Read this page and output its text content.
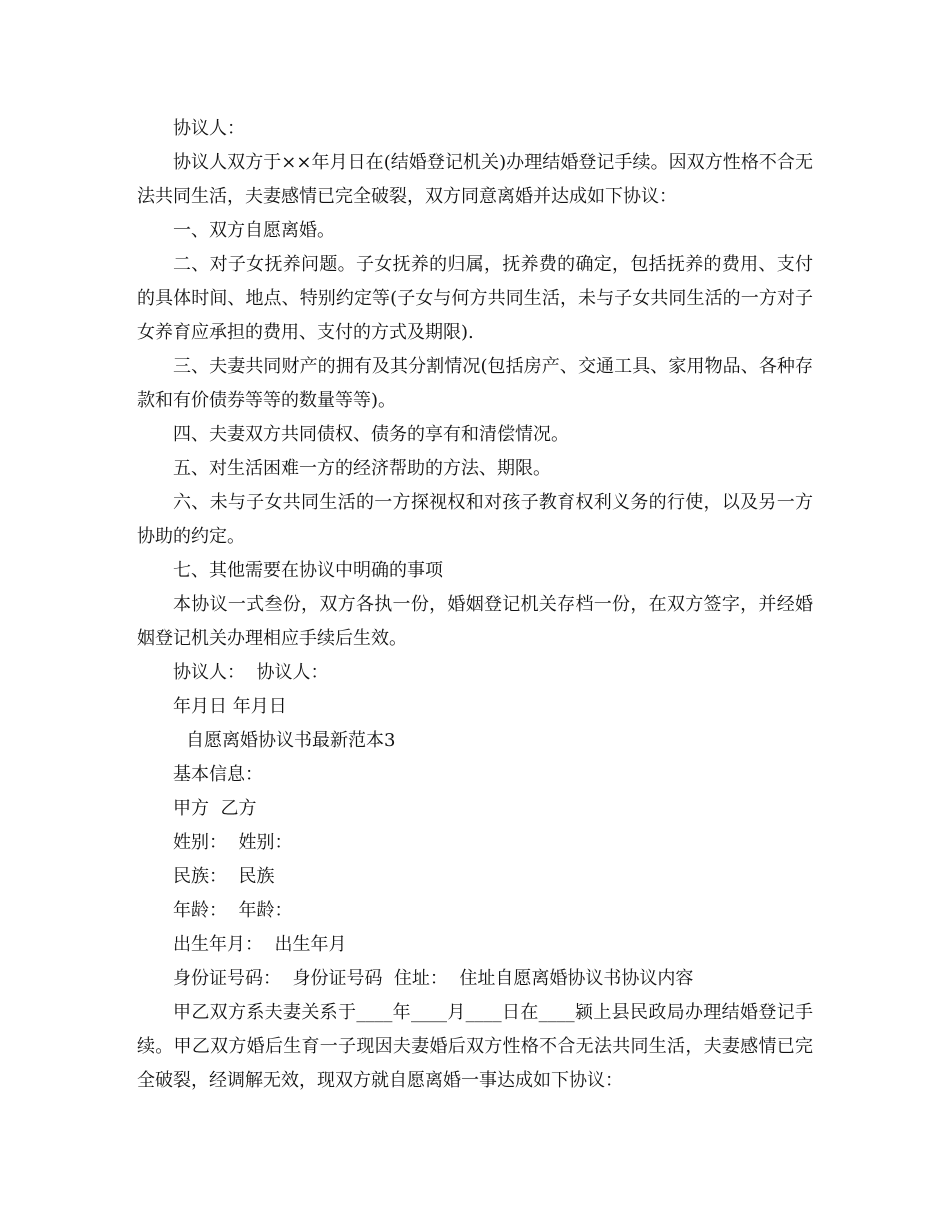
协议人：
协议人双方于××年月日在(结婚登记机关)办理结婚登记手续。因双方性格不合无法共同生活，夫妻感情已完全破裂，双方同意离婚并达成如下协议：
一、双方自愿离婚。
二、对子女抚养问题。子女抚养的归属，抚养费的确定，包括抚养的费用、支付的具体时间、地点、特别约定等(子女与何方共同生活，未与子女共同生活的一方对子女养育应承担的费用、支付的方式及期限).
三、夫妻共同财产的拥有及其分割情况(包括房产、交通工具、家用物品、各种存款和有价债券等等的数量等等)。
四、夫妻双方共同债权、债务的享有和清偿情况。
五、对生活困难一方的经济帮助的方法、期限。
六、未与子女共同生活的一方探视权和对孩子教育权利义务的行使，以及另一方协助的约定。
七、其他需要在协议中明确的事项
本协议一式叁份，双方各执一份，婚姻登记机关存档一份，在双方签字，并经婚姻登记机关办理相应手续后生效。
协议人：  协议人：
年月日 年月日
自愿离婚协议书最新范本3
基本信息：
甲方  乙方
姓别：  姓别：
民族：  民族
年龄：  年龄：
出生年月：  出生年月
身份证号码：  身份证号码  住址：  住址自愿离婚协议书协议内容
甲乙双方系夫妻关系于____年____月____日在____颍上县民政局办理结婚登记手续。甲乙双方婚后生育一子现因夫妻婚后双方性格不合无法共同生活，夫妻感情已完全破裂，经调解无效，现双方就自愿离婚一事达成如下协议：
